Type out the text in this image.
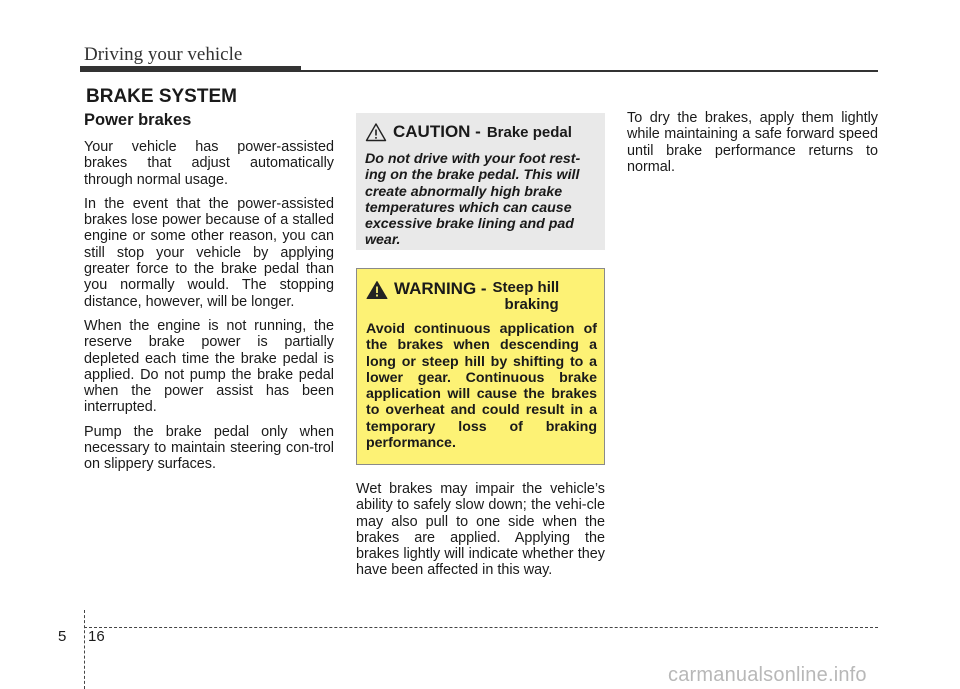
Driving your vehicle
BRAKE SYSTEM
Power brakes

Your vehicle has power-assisted brakes that adjust automatically through normal usage.

In the event that the power-assisted brakes lose power because of a stalled engine or some other reason, you can still stop your vehicle by applying greater force to the brake pedal than you normally would. The stopping distance, however, will be longer.

When the engine is not running, the reserve brake power is partially depleted each time the brake pedal is applied. Do not pump the brake pedal when the power assist has been interrupted.

Pump the brake pedal only when necessary to maintain steering con-trol on slippery surfaces.

CAUTION - Brake pedal

Do not drive with your foot rest-ing on the brake pedal. This will create abnormally high brake temperatures which can cause excessive brake lining and pad wear.

WARNING - Steep hill
braking

Avoid continuous application of the brakes when descending a long or steep hill by shifting to a lower gear. Continuous brake application will cause the brakes to overheat and could result in a temporary loss of braking performance.

Wet brakes may impair the vehicle’s ability to safely slow down; the vehi-cle may also pull to one side when the brakes are applied. Applying the brakes lightly will indicate whether they have been affected in this way.

To dry the brakes, apply them lightly while maintaining a safe forward speed until brake performance returns to normal.

5 16
carmanualsonline.info
